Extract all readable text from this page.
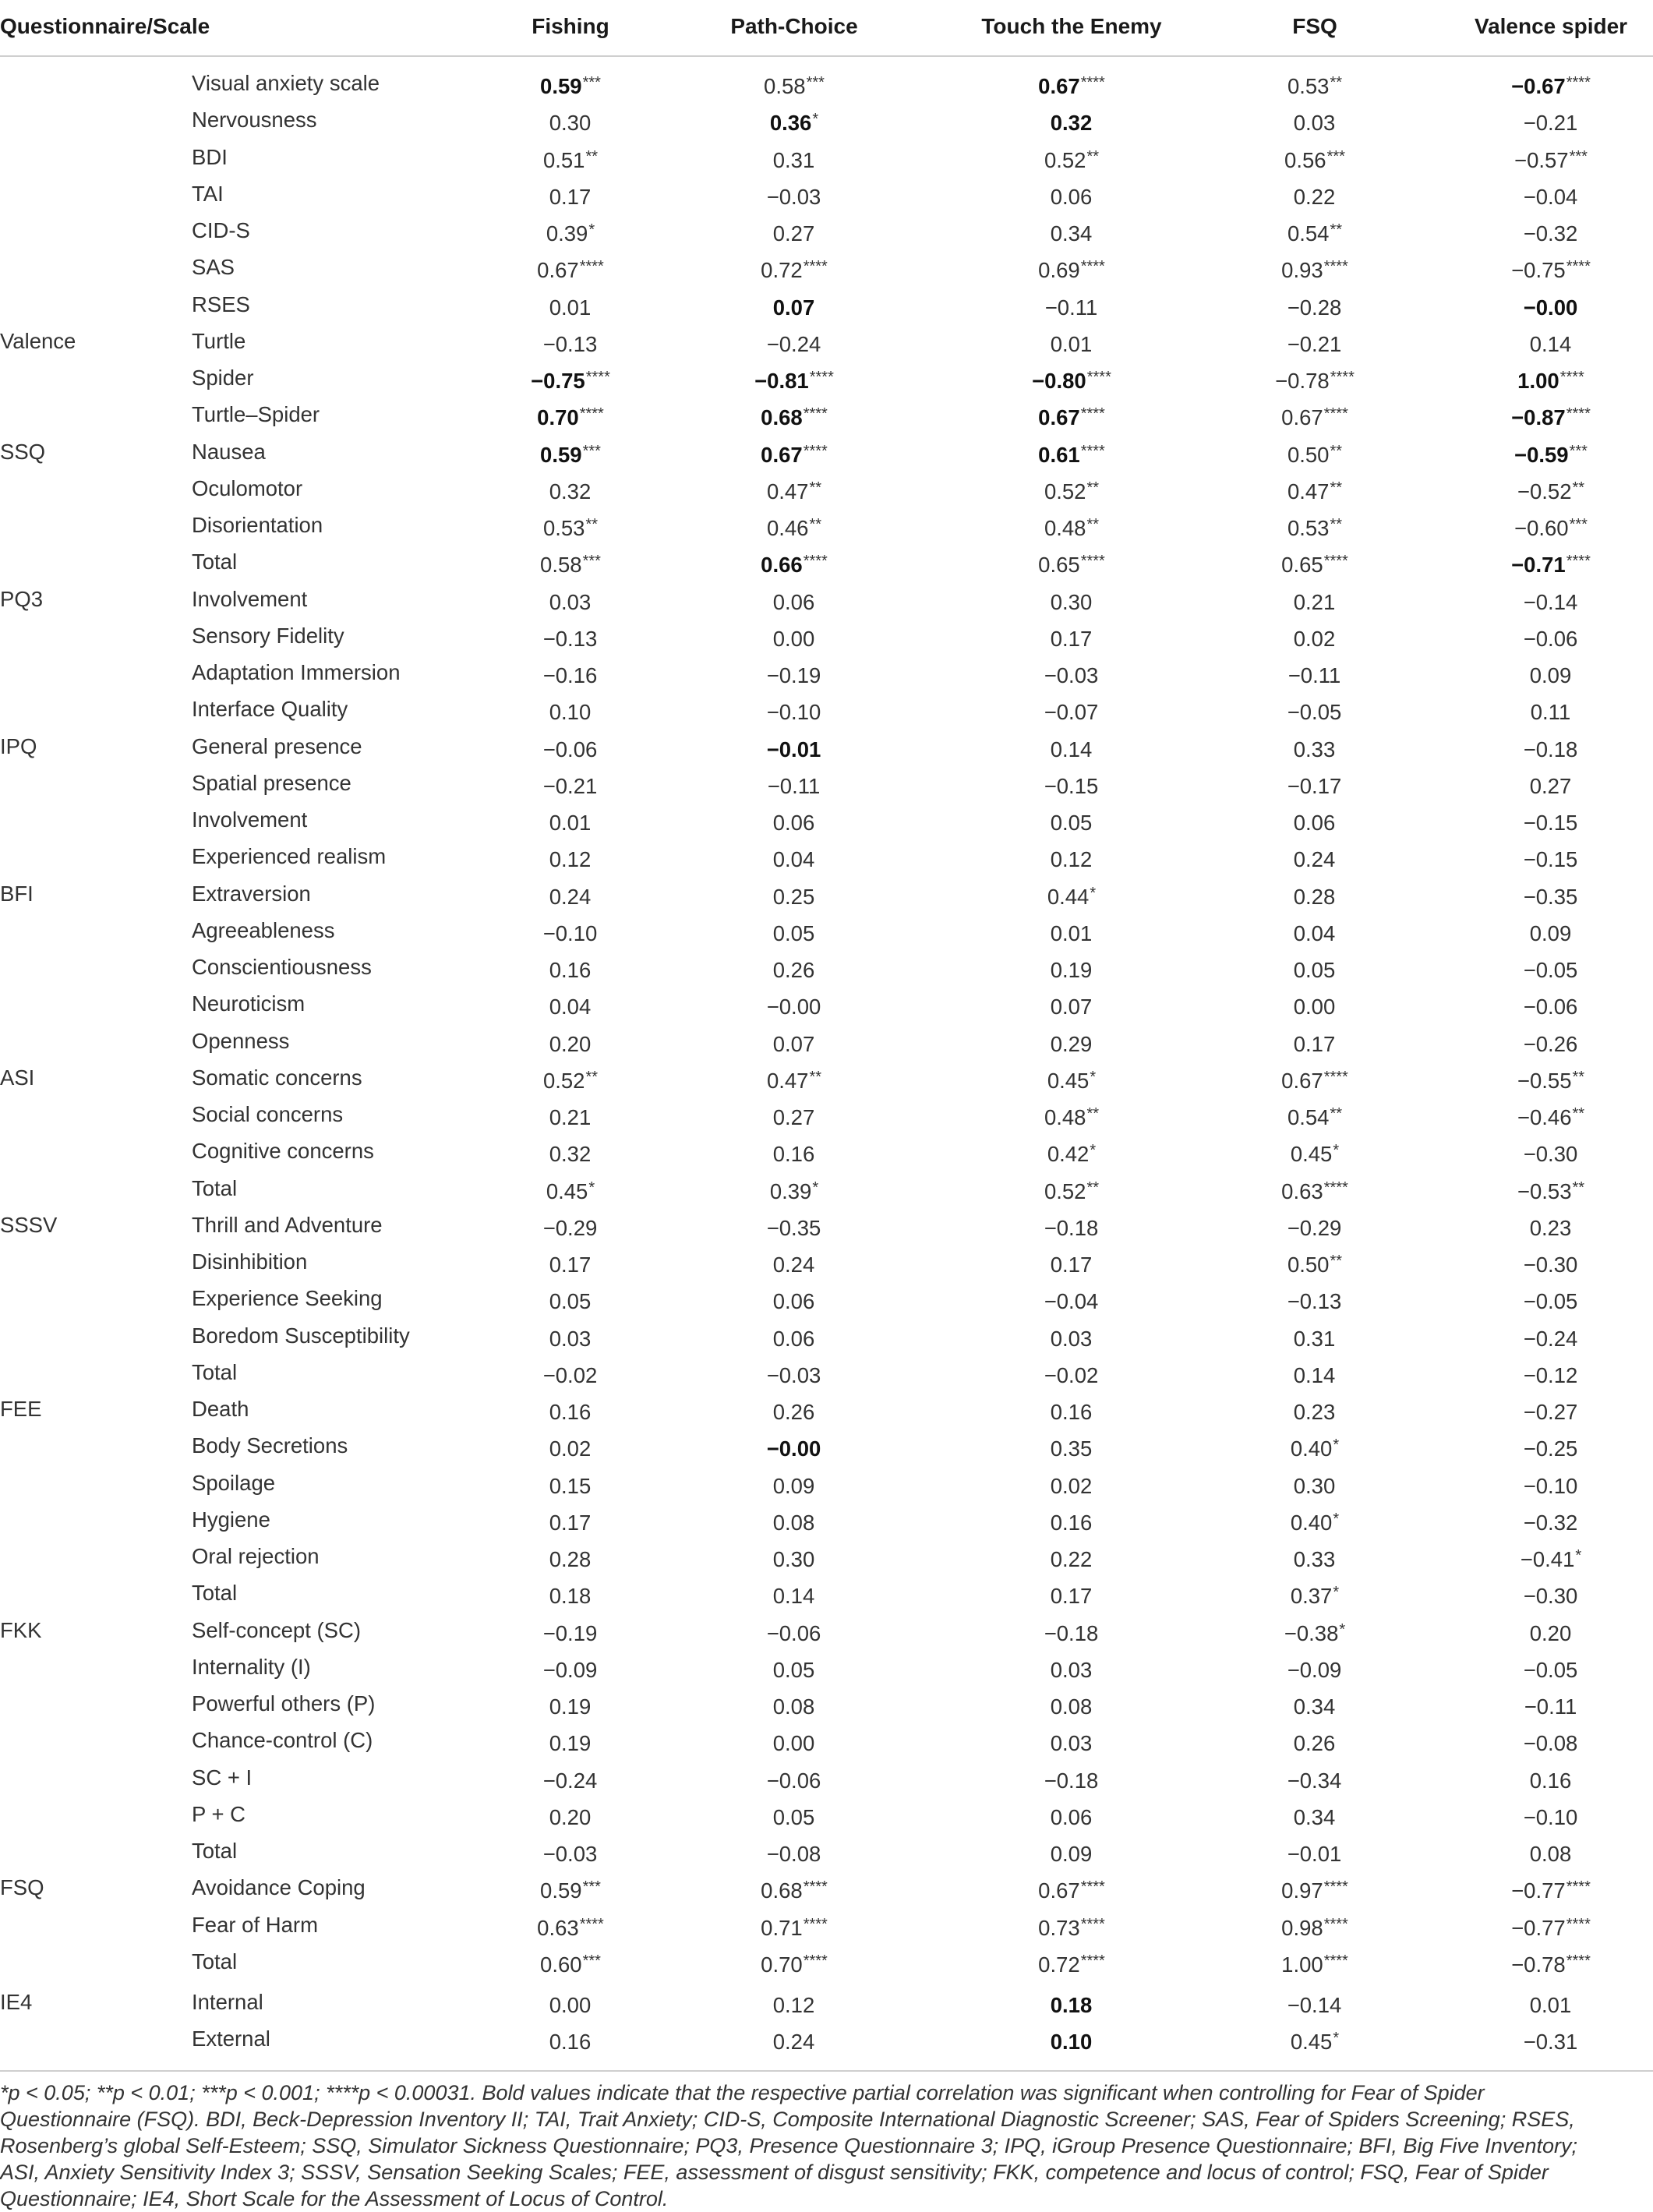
Questionnaire/Scale	Fishing	Path-Choice	Touch the Enemy	FSQ	Valence spider
Visual anxiety scale	0.59***	0.58***	0.67****	0.53**	−0.67****
Nervousness	0.30	0.36*	0.32	0.03	−0.21
BDI	0.51**	0.31	0.52**	0.56***	−0.57***
TAI	0.17	−0.03	0.06	0.22	−0.04
CID-S	0.39*	0.27	0.34	0.54**	−0.32
SAS	0.67****	0.72****	0.69****	0.93****	−0.75****
RSES	0.01	0.07	−0.11	−0.28	−0.00
Valence	Turtle	−0.13	−0.24	0.01	−0.21	0.14
Spider	−0.75****	−0.81****	−0.80****	−0.78****	1.00****
Turtle–Spider	0.70****	0.68****	0.67****	0.67****	−0.87****
SSQ	Nausea	0.59***	0.67****	0.61****	0.50**	−0.59***
Oculomotor	0.32	0.47**	0.52**	0.47**	−0.52**
Disorientation	0.53**	0.46**	0.48**	0.53**	−0.60***
Total	0.58***	0.66****	0.65****	0.65****	−0.71****
PQ3	Involvement	0.03	0.06	0.30	0.21	−0.14
Sensory Fidelity	−0.13	0.00	0.17	0.02	−0.06
Adaptation Immersion	−0.16	−0.19	−0.03	−0.11	0.09
Interface Quality	0.10	−0.10	−0.07	−0.05	0.11
IPQ	General presence	−0.06	−0.01	0.14	0.33	−0.18
Spatial presence	−0.21	−0.11	−0.15	−0.17	0.27
Involvement	0.01	0.06	0.05	0.06	−0.15
Experienced realism	0.12	0.04	0.12	0.24	−0.15
BFI	Extraversion	0.24	0.25	0.44*	0.28	−0.35
Agreeableness	−0.10	0.05	0.01	0.04	0.09
Conscientiousness	0.16	0.26	0.19	0.05	−0.05
Neuroticism	0.04	−0.00	0.07	0.00	−0.06
Openness	0.20	0.07	0.29	0.17	−0.26
ASI	Somatic concerns	0.52**	0.47**	0.45*	0.67****	−0.55**
Social concerns	0.21	0.27	0.48**	0.54**	−0.46**
Cognitive concerns	0.32	0.16	0.42*	0.45*	−0.30
Total	0.45*	0.39*	0.52**	0.63****	−0.53**
SSSV	Thrill and Adventure	−0.29	−0.35	−0.18	−0.29	0.23
Disinhibition	0.17	0.24	0.17	0.50**	−0.30
Experience Seeking	0.05	0.06	−0.04	−0.13	−0.05
Boredom Susceptibility	0.03	0.06	0.03	0.31	−0.24
Total	−0.02	−0.03	−0.02	0.14	−0.12
FEE	Death	0.16	0.26	0.16	0.23	−0.27
Body Secretions	0.02	−0.00	0.35	0.40*	−0.25
Spoilage	0.15	0.09	0.02	0.30	−0.10
Hygiene	0.17	0.08	0.16	0.40*	−0.32
Oral rejection	0.28	0.30	0.22	0.33	−0.41*
Total	0.18	0.14	0.17	0.37*	−0.30
FKK	Self-concept (SC)	−0.19	−0.06	−0.18	−0.38*	0.20
Internality (I)	−0.09	0.05	0.03	−0.09	−0.05
Powerful others (P)	0.19	0.08	0.08	0.34	−0.11
Chance-control (C)	0.19	0.00	0.03	0.26	−0.08
SC + I	−0.24	−0.06	−0.18	−0.34	0.16
P + C	0.20	0.05	0.06	0.34	−0.10
Total	−0.03	−0.08	0.09	−0.01	0.08
FSQ	Avoidance Coping	0.59***	0.68****	0.67****	0.97****	−0.77****
Fear of Harm	0.63****	0.71****	0.73****	0.98****	−0.77****
Total	0.60***	0.70****	0.72****	1.00****	−0.78****
IE4	Internal	0.00	0.12	0.18	−0.14	0.01
External	0.16	0.24	0.10	0.45*	−0.31
*p < 0.05; **p < 0.01; ***p < 0.001; ****p < 0.00031. Bold values indicate that the respective partial correlation was significant when controlling for Fear of Spider
Questionnaire (FSQ). BDI, Beck-Depression Inventory II; TAI, Trait Anxiety; CID-S, Composite International Diagnostic Screener; SAS, Fear of Spiders Screening; RSES,
Rosenberg’s global Self-Esteem; SSQ, Simulator Sickness Questionnaire; PQ3, Presence Questionnaire 3; IPQ, iGroup Presence Questionnaire; BFI, Big Five Inventory;
ASI, Anxiety Sensitivity Index 3; SSSV, Sensation Seeking Scales; FEE, assessment of disgust sensitivity; FKK, competence and locus of control; FSQ, Fear of Spider
Questionnaire; IE4, Short Scale for the Assessment of Locus of Control.
